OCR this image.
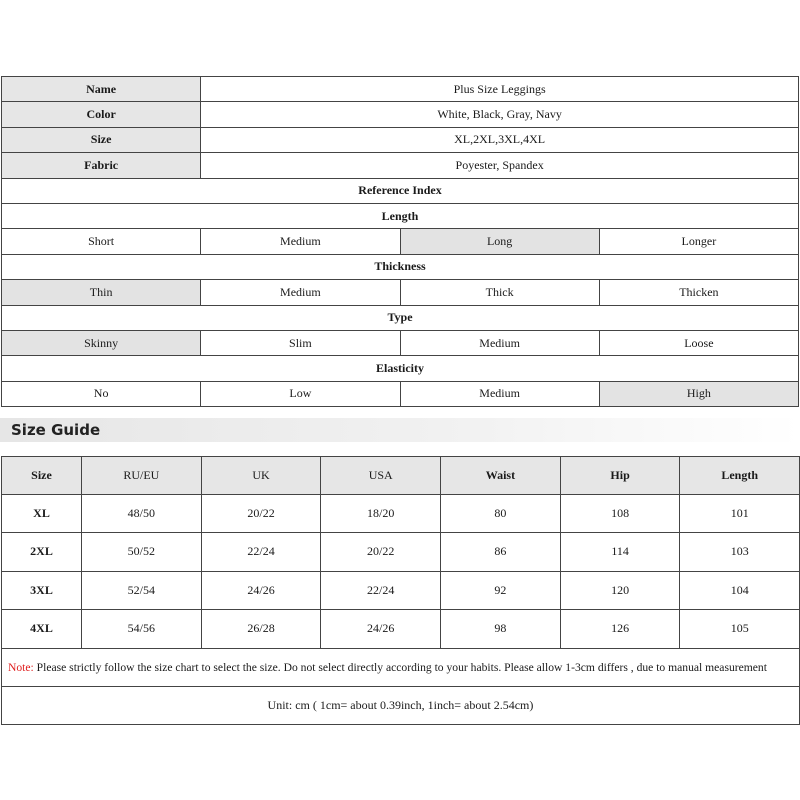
Name	Plus Size Leggings		
Color	White, Black, Gray, Navy		
Size	XL,2XL,3XL,4XL		
Fabric	Poyester, Spandex		
Reference Index			
Length			
Short	Medium	Long	Longer
Thickness			
Thin	Medium	Thick	Thicken
Type			
Skinny	Slim	Medium	Loose
Elasticity			
No	Low	Medium	High
Size Guide
Size	RU/EU	UK	USA	Waist	Hip	Length
XL	48/50	20/22	18/20	80	108	101
2XL	50/52	22/24	20/22	86	114	103
3XL	52/54	24/26	22/24	92	120	104
4XL	54/56	26/28	24/26	98	126	105
Note: Please strictly follow the size chart to select the size. Do not select directly according to your habits. Please allow 1-3cm differs , due to manual measurement						
Unit: cm ( 1cm= about 0.39inch, 1inch= about 2.54cm)						
